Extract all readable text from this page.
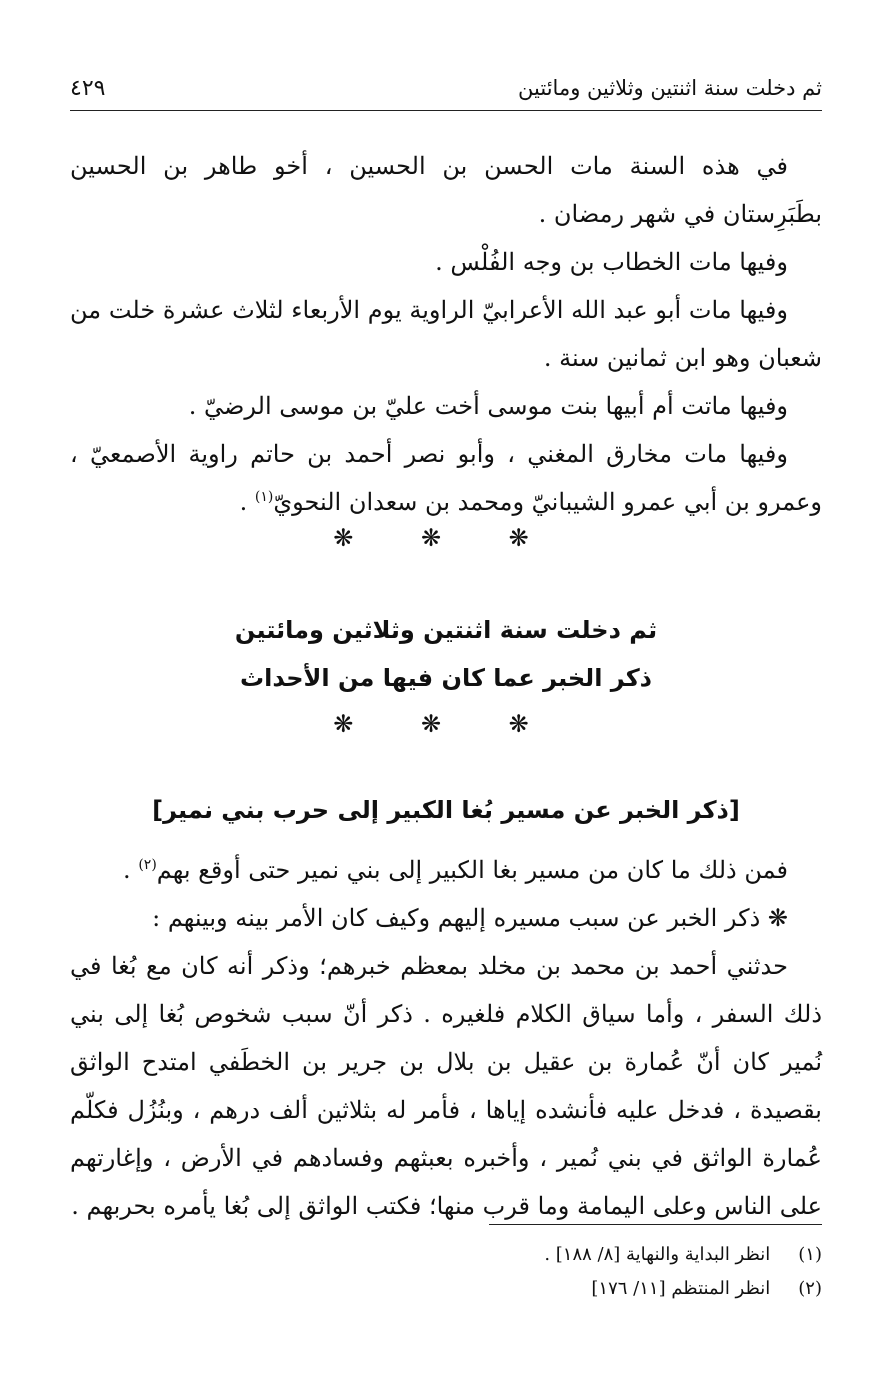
٤٢٩	ثم دخلت سنة اثنتين وثلاثين ومائتين

في هذه السنة مات الحسن بن الحسين ، أخو طاهر بن الحسين بطَبَرِستان في شهر رمضان .

وفيها مات الخطاب بن وجه الفُلْس .

وفيها مات أبو عبد الله الأعرابيّ الراوية يوم الأربعاء لثلاث عشرة خلت من شعبان وهو ابن ثمانين سنة .

وفيها ماتت أم أبيها بنت موسى أخت عليّ بن موسى الرضيّ .

وفيها مات مخارق المغني ، وأبو نصر أحمد بن حاتم راوية الأصمعيّ ، وعمرو بن أبي عمرو الشيبانيّ ومحمد بن سعدان النحويّ$^{(١)}$ .

❋ ❋ ❋
ثم دخلت سنة اثنتين وثلاثين ومائتين
ذكر الخبر عما كان فيها من الأحداث
❋ ❋ ❋
[ذكر الخبر عن مسير بُغا الكبير إلى حرب بني نمير]

فمن ذلك ما كان من مسير بغا الكبير إلى بني نمير حتى أوقع بهم$^{(٢)}$ .

❋ ذكر الخبر عن سبب مسيره إليهم وكيف كان الأمر بينه وبينهم :

حدثني أحمد بن محمد بن مخلد بمعظم خبرهم؛ وذكر أنه كان مع بُغا في ذلك السفر ، وأما سياق الكلام فلغيره . ذكر أنّ سبب شخوص بُغا إلى بني نُمير كان أنّ عُمارة بن عقيل بن بلال بن جرير بن الخطَفي امتدح الواثق بقصيدة ، فدخل عليه فأنشده إياها ، فأمر له بثلاثين ألف درهم ، وبنُزُل فكلّم عُمارة الواثق في بني نُمير ، وأخبره بعبثهم وفسادهم في الأرض ، وإغارتهم على الناس وعلى اليمامة وما قرب منها؛ فكتب الواثق إلى بُغا يأمره بحربهم .

(١)
انظر البداية والنهاية [٨/ ١٨٨] .
(٢)
انظر المنتظم [١١/ ١٧٦]
